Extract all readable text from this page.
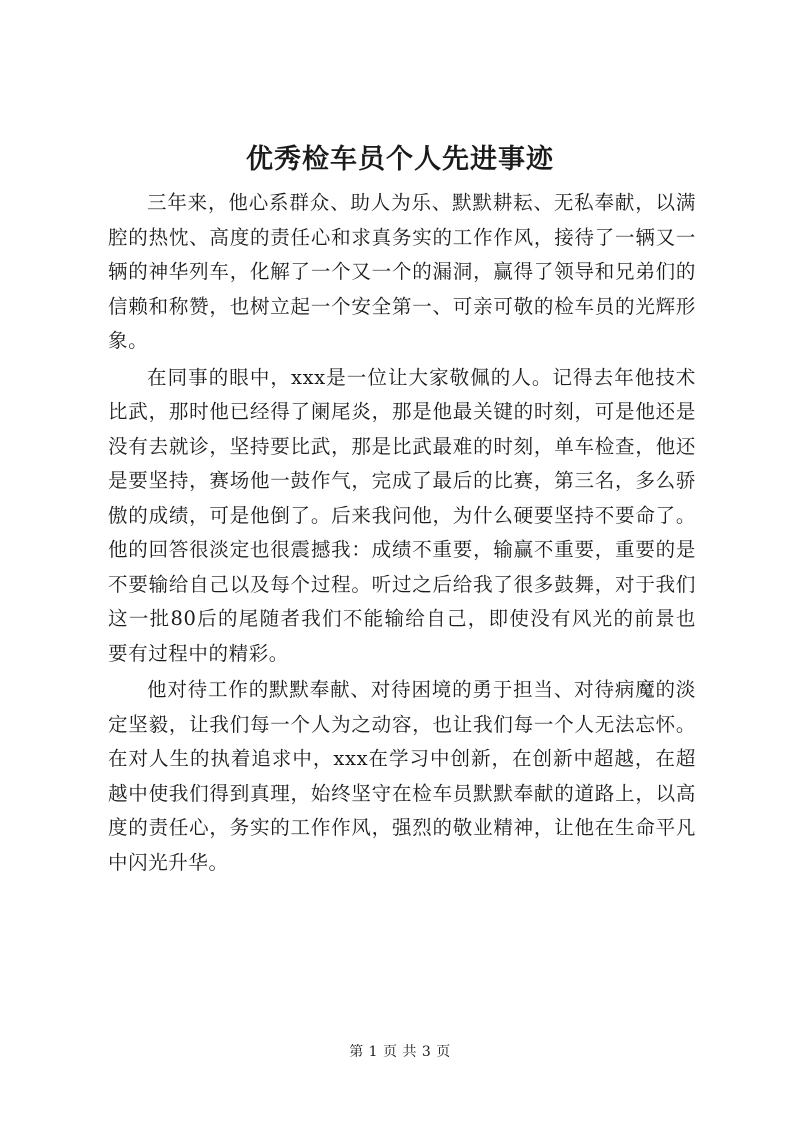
优秀检车员个人先进事迹

三年来，他心系群众、助人为乐、默默耕耘、无私奉献，以满腔的热忱、高度的责任心和求真务实的工作作风，接待了一辆又一辆的神华列车，化解了一个又一个的漏洞，赢得了领导和兄弟们的信赖和称赞，也树立起一个安全第一、可亲可敬的检车员的光辉形象。

在同事的眼中，xxx是一位让大家敬佩的人。记得去年他技术比武，那时他已经得了阑尾炎，那是他最关键的时刻，可是他还是没有去就诊，坚持要比武，那是比武最难的时刻，单车检查，他还是要坚持，赛场他一鼓作气，完成了最后的比赛，第三名，多么骄傲的成绩，可是他倒了。后来我问他，为什么硬要坚持不要命了。他的回答很淡定也很震撼我：成绩不重要，输赢不重要，重要的是不要输给自己以及每个过程。听过之后给我了很多鼓舞，对于我们这一批80后的尾随者我们不能输给自己，即使没有风光的前景也要有过程中的精彩。

他对待工作的默默奉献、对待困境的勇于担当、对待病魔的淡定坚毅，让我们每一个人为之动容，也让我们每一个人无法忘怀。在对人生的执着追求中，xxx在学习中创新，在创新中超越，在超越中使我们得到真理，始终坚守在检车员默默奉献的道路上，以高度的责任心，务实的工作作风，强烈的敬业精神，让他在生命平凡中闪光升华。

第 1 页 共 3 页
